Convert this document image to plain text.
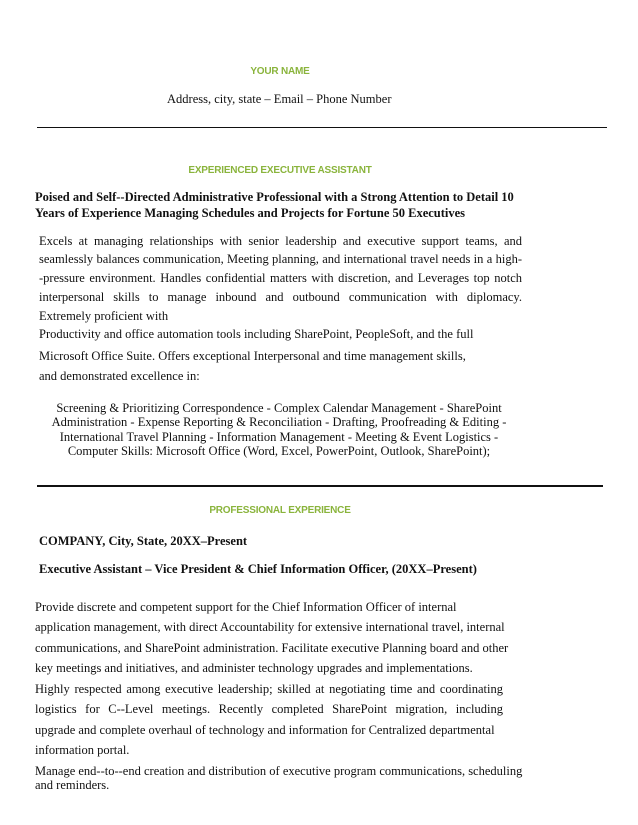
YOUR NAME
Address, city, state – Email – Phone Number
EXPERIENCED EXECUTIVE ASSISTANT
Poised and Self--Directed Administrative Professional with a Strong Attention to Detail 10
Years of Experience Managing Schedules and Projects for Fortune 50 Executives
Excels at managing relationships with senior leadership and executive support teams, and
seamlessly balances communication, Meeting planning, and international travel needs in a high-
-pressure environment. Handles confidential matters with discretion, and Leverages top notch
interpersonal skills to manage inbound and outbound communication with diplomacy.
Extremely proficient with
Productivity and office automation tools including SharePoint, PeopleSoft, and the full
Microsoft Office Suite. Offers exceptional Interpersonal and time management skills,
and demonstrated excellence in:
Screening & Prioritizing Correspondence - Complex Calendar Management - SharePoint
Administration - Expense Reporting & Reconciliation - Drafting, Proofreading & Editing -
International Travel Planning - Information Management - Meeting & Event Logistics -
Computer Skills: Microsoft Office (Word, Excel, PowerPoint, Outlook, SharePoint);
PROFESSIONAL EXPERIENCE
COMPANY, City, State, 20XX–Present
Executive Assistant – Vice President & Chief Information Officer, (20XX–Present)
Provide discrete and competent support for the Chief Information Officer of internal
application management, with direct Accountability for extensive international travel, internal
communications, and SharePoint administration. Facilitate executive Planning board and other
key meetings and initiatives, and administer technology upgrades and implementations.
Highly respected among executive leadership; skilled at negotiating time and coordinating
logistics for C--Level meetings. Recently completed SharePoint migration, including
upgrade and complete overhaul of technology and information for Centralized departmental
information portal.
Manage end--to--end creation and distribution of executive program communications, scheduling
and reminders.
